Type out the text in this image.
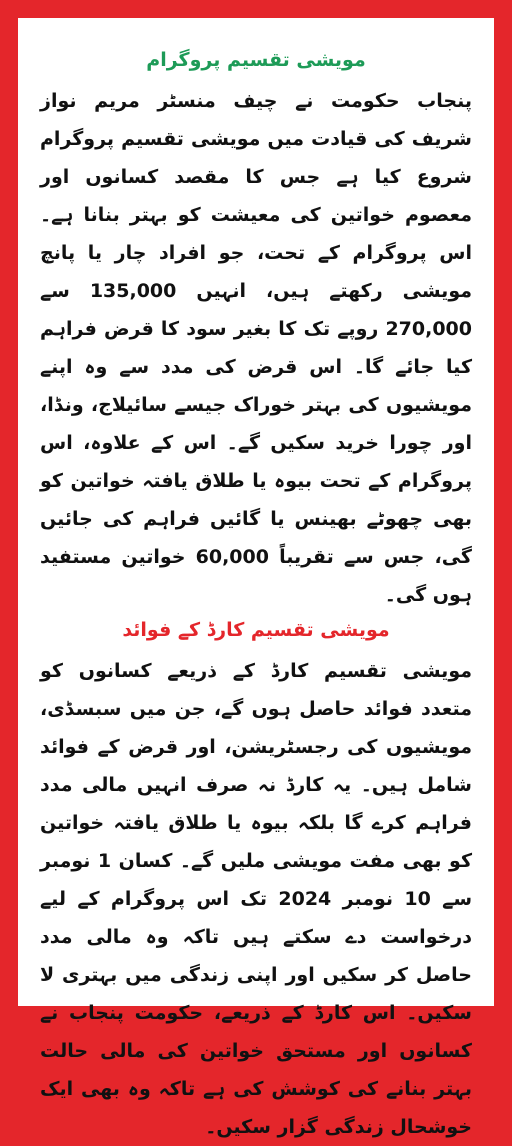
مویشی تقسیم پروگرام

پنجاب حکومت نے چیف منسٹر مریم نواز شریف کی قیادت میں مویشی تقسیم پروگرام شروع کیا ہے جس کا مقصد کسانوں اور معصوم خواتین کی معیشت کو بہتر بنانا ہے۔ اس پروگرام کے تحت، جو افراد چار یا پانچ مویشی رکھتے ہیں، انہیں 135,000 سے 270,000 روپے تک کا بغیر سود کا قرض فراہم کیا جائے گا۔ اس قرض کی مدد سے وہ اپنے مویشیوں کی بہتر خوراک جیسے سائیلاج، ونڈا، اور چورا خرید سکیں گے۔ اس کے علاوہ، اس پروگرام کے تحت بیوہ یا طلاق یافتہ خواتین کو بھی چھوٹے بھینس یا گائیں فراہم کی جائیں گی، جس سے تقریباً 60,000 خواتین مستفید ہوں گی۔

مویشی تقسیم کارڈ کے فوائد

مویشی تقسیم کارڈ کے ذریعے کسانوں کو متعدد فوائد حاصل ہوں گے، جن میں سبسڈی، مویشیوں کی رجسٹریشن، اور قرض کے فوائد شامل ہیں۔ یہ کارڈ نہ صرف انہیں مالی مدد فراہم کرے گا بلکہ بیوہ یا طلاق یافتہ خواتین کو بھی مفت مویشی ملیں گے۔ کسان 1 نومبر سے 10 نومبر 2024 تک اس پروگرام کے لیے درخواست دے سکتے ہیں تاکہ وہ مالی مدد حاصل کر سکیں اور اپنی زندگی میں بہتری لا سکیں۔ اس کارڈ کے ذریعے، حکومت پنجاب نے کسانوں اور مستحق خواتین کی مالی حالت بہتر بنانے کی کوشش کی ہے تاکہ وہ بھی ایک خوشحال زندگی گزار سکیں۔
